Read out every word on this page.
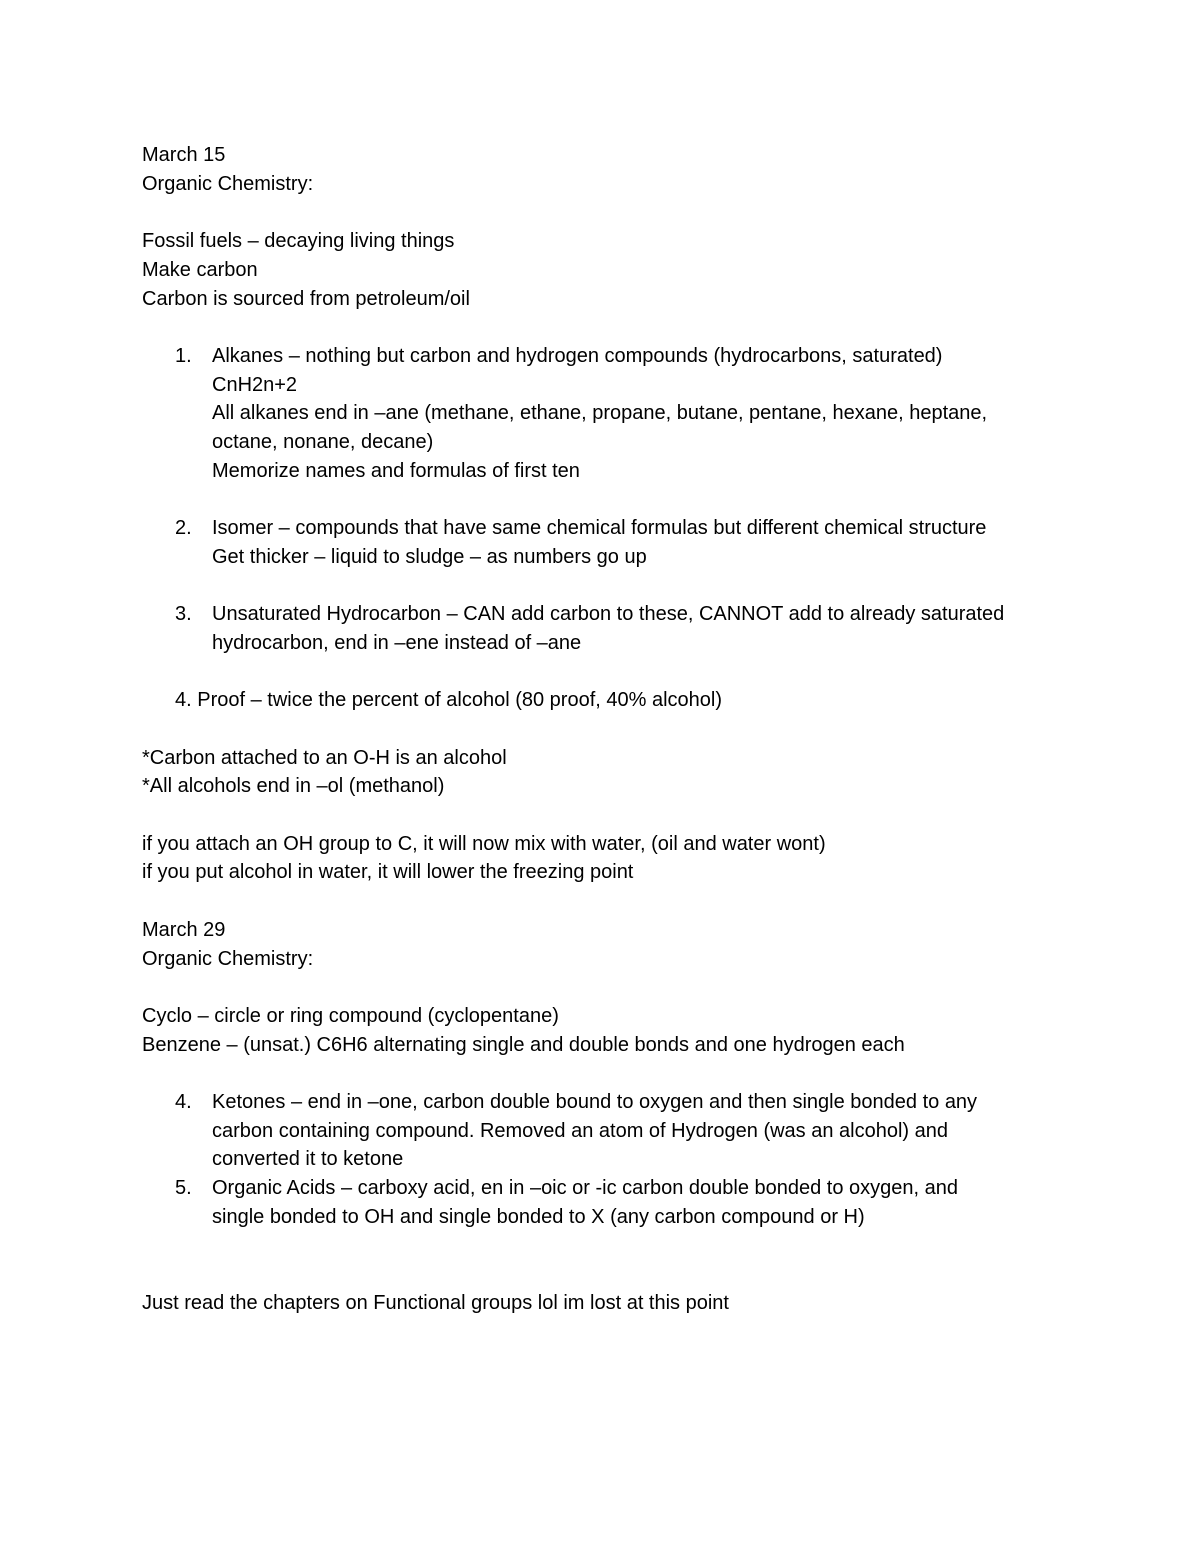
March 15
Organic Chemistry:
Fossil fuels – decaying living things
Make carbon
Carbon is sourced from petroleum/oil
1. Alkanes – nothing but carbon and hydrogen compounds (hydrocarbons, saturated)
CnH2n+2
All alkanes end in –ane (methane, ethane, propane, butane, pentane, hexane, heptane,
octane, nonane, decane)
Memorize names and formulas of first ten
2. Isomer – compounds that have same chemical formulas but different chemical structure
Get thicker – liquid to sludge – as numbers go up
3. Unsaturated Hydrocarbon – CAN add carbon to these, CANNOT add to already saturated
hydrocarbon, end in –ene instead of –ane
4. Proof – twice the percent of alcohol (80 proof, 40% alcohol)
*Carbon attached to an O-H is an alcohol
*All alcohols end in –ol (methanol)
if you attach an OH group to C, it will now mix with water, (oil and water wont)
if you put alcohol in water, it will lower the freezing point
March 29
Organic Chemistry:
Cyclo – circle or ring compound (cyclopentane)
Benzene – (unsat.) C6H6 alternating single and double bonds and one hydrogen each
4. Ketones – end in –one, carbon double bound to oxygen and then single bonded to any
carbon containing compound. Removed an atom of Hydrogen (was an alcohol) and
converted it to ketone
5. Organic Acids – carboxy acid, en in –oic or -ic carbon double bonded to oxygen, and
single bonded to OH and single bonded to X (any carbon compound or H)
Just read the chapters on Functional groups lol im lost at this point
